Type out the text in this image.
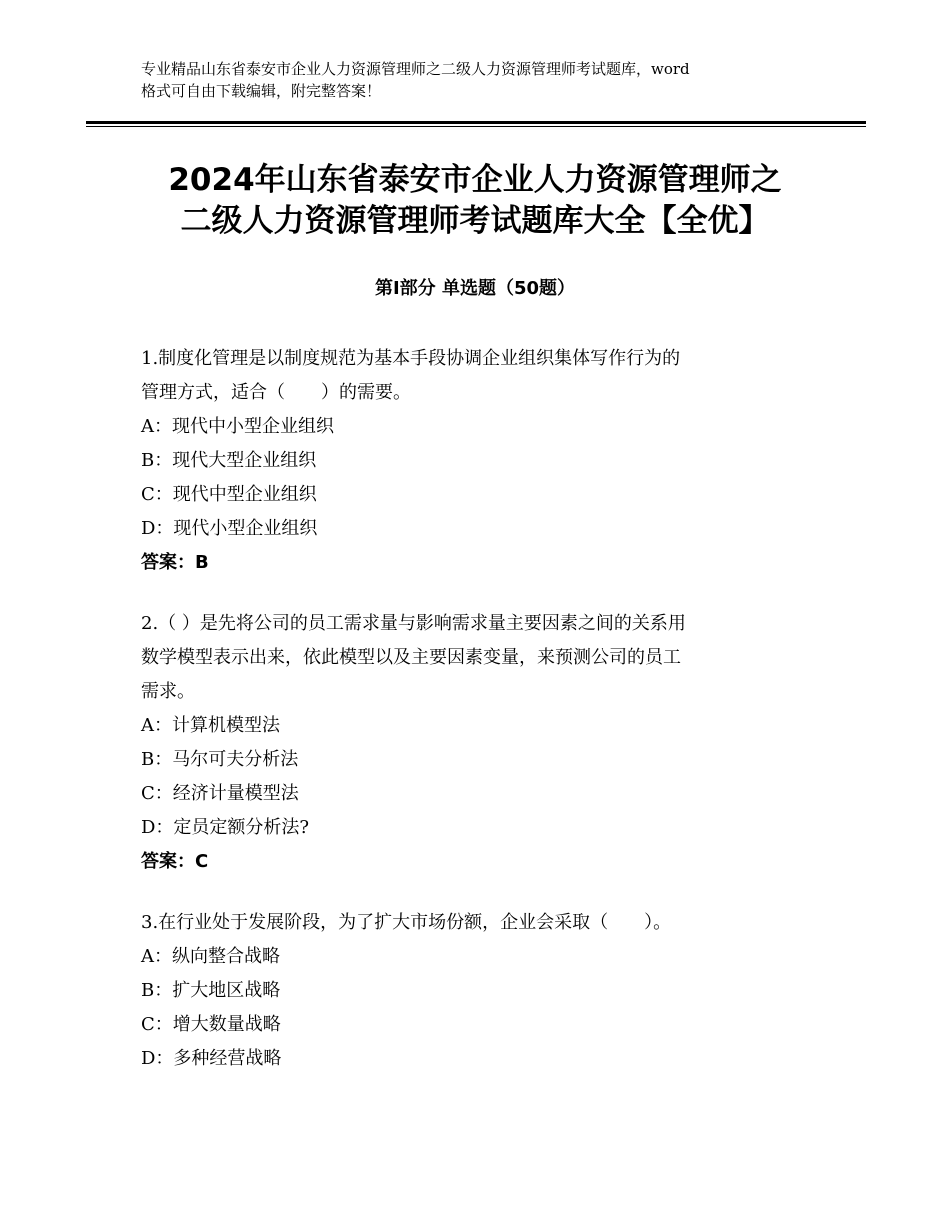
专业精品山东省泰安市企业人力资源管理师之二级人力资源管理师考试题库，word
格式可自由下载编辑，附完整答案！
2024年山东省泰安市企业人力资源管理师之
二级人力资源管理师考试题库大全【全优】
第Ⅰ部分 单选题（50题）
1.制度化管理是以制度规范为基本手段协调企业组织集体写作行为的
管理方式，适合（　　）的需要。
A：现代中小型企业组织
B：现代大型企业组织
C：现代中型企业组织
D：现代小型企业组织
答案：B
2.（ ）是先将公司的员工需求量与影响需求量主要因素之间的关系用
数学模型表示出来，依此模型以及主要因素变量，来预测公司的员工
需求。
A：计算机模型法
B：马尔可夫分析法
C：经济计量模型法
D：定员定额分析法?
答案：C
3.在行业处于发展阶段，为了扩大市场份额，企业会采取（　　）。
A：纵向整合战略
B：扩大地区战略
C：增大数量战略
D：多种经营战略
